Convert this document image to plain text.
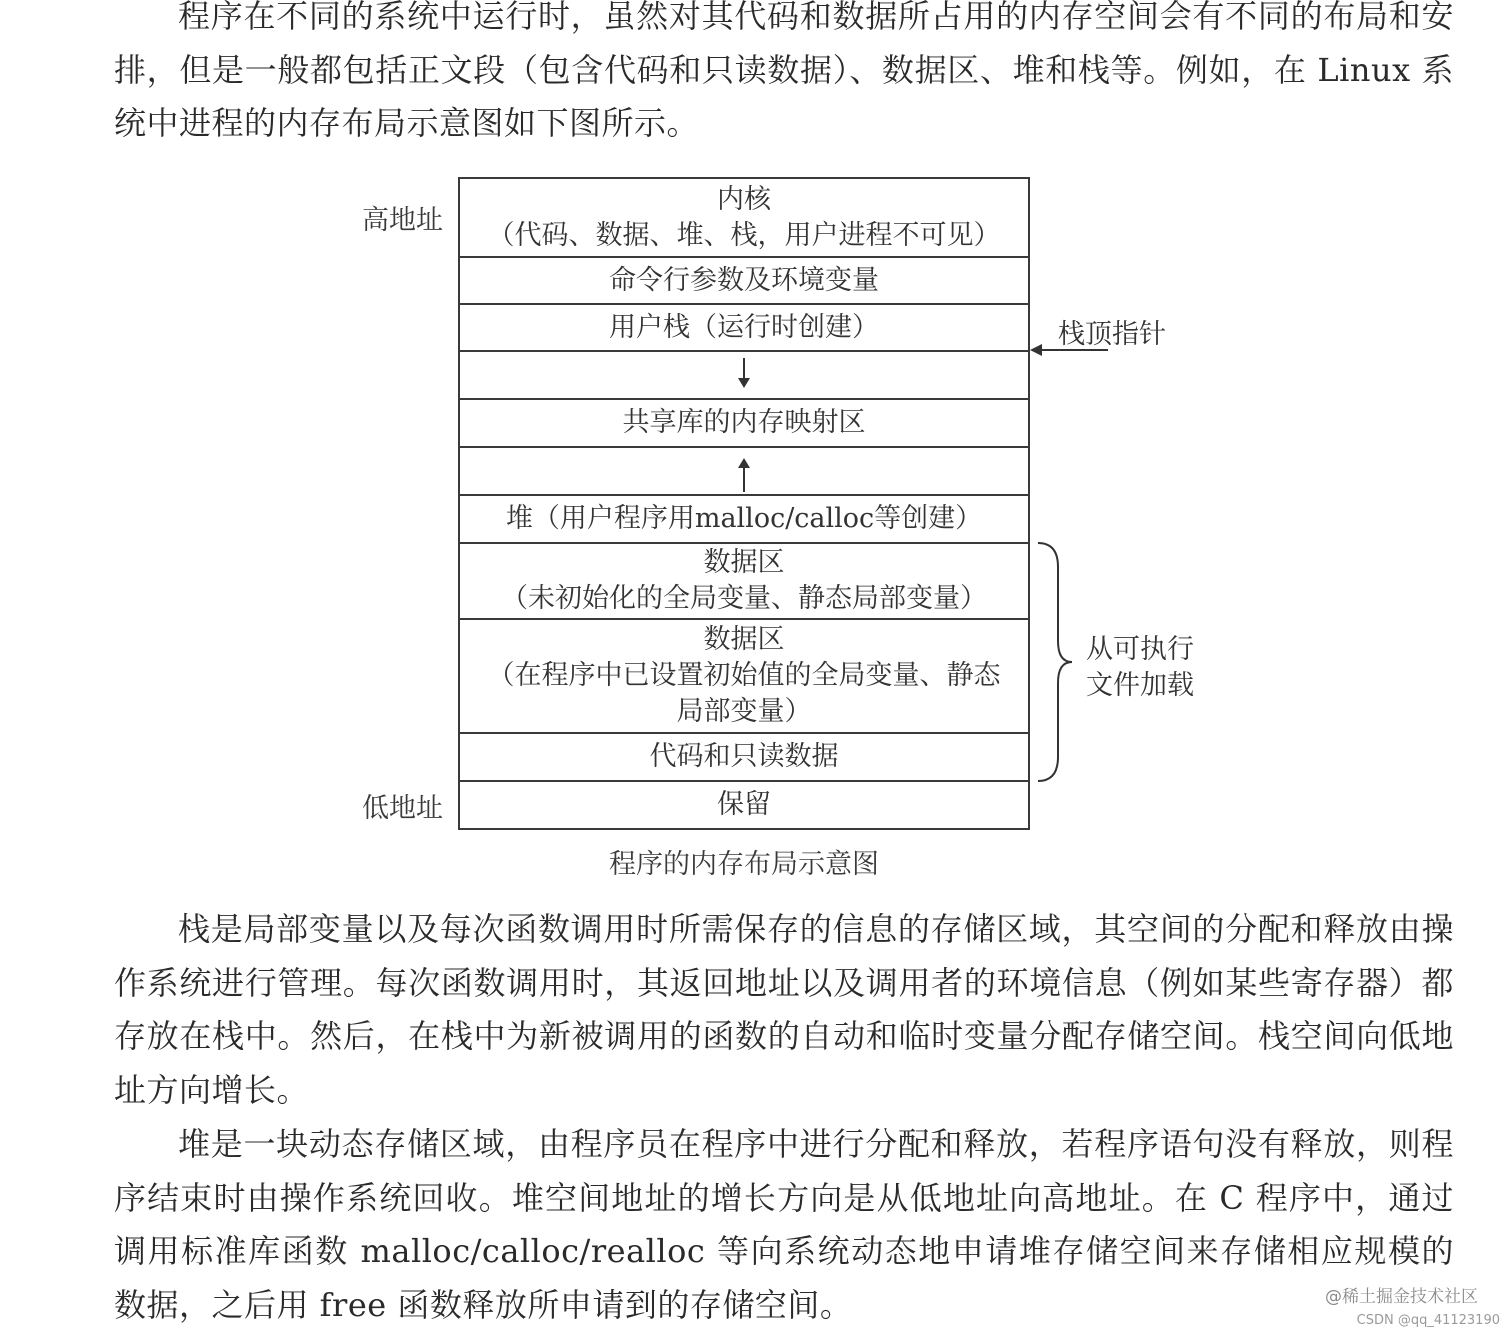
程序在不同的系统中运行时，虽然对其代码和数据所占用的内存空间会有不同的布局和安排，但是一般都包括正文段（包含代码和只读数据）、数据区、堆和栈等。例如，在 Linux 系统中进程的内存布局示意图如下图所示。

高地址
低地址
内核
（代码、数据、堆、栈，用户进程不可见）
命令行参数及环境变量
用户栈（运行时创建）
共享库的内存映射区
堆（用户程序用malloc/calloc等创建）
数据区
（未初始化的全局变量、静态局部变量）
数据区
（在程序中已设置初始值的全局变量、静态
局部变量）
代码和只读数据
保留
栈顶指针
从可执行
文件加载
程序的内存布局示意图

栈是局部变量以及每次函数调用时所需保存的信息的存储区域，其空间的分配和释放由操作系统进行管理。每次函数调用时，其返回地址以及调用者的环境信息（例如某些寄存器）都存放在栈中。然后，在栈中为新被调用的函数的自动和临时变量分配存储空间。栈空间向低地址方向增长。

堆是一块动态存储区域，由程序员在程序中进行分配和释放，若程序语句没有释放，则程序结束时由操作系统回收。堆空间地址的增长方向是从低地址向高地址。在 C 程序中，通过调用标准库函数 malloc/calloc/realloc 等向系统动态地申请堆存储空间来存储相应规模的数据，之后用 free 函数释放所申请到的存储空间。	@稀土掘金技术社区
CSDN @qq_41123190
